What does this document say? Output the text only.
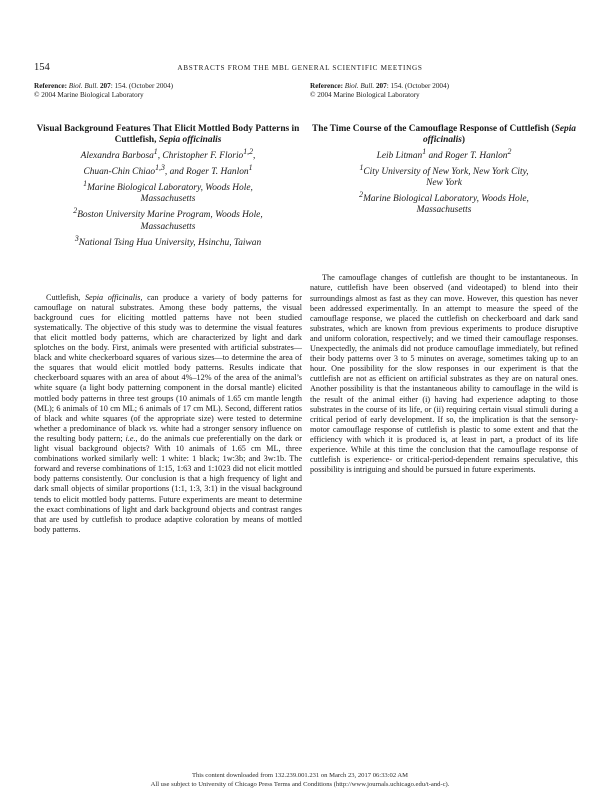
154	ABSTRACTS FROM THE MBL GENERAL SCIENTIFIC MEETINGS
Reference: Biol. Bull. 207: 154. (October 2004)
© 2004 Marine Biological Laboratory
Visual Background Features That Elicit Mottled Body Patterns in Cuttlefish, Sepia officinalis
Alexandra Barbosa$^1$, Christopher F. Florio$^{1,2}$,
Chuan-Chin Chiao$^{1,3}$, and Roger T. Hanlon$^1$
$^1$Marine Biological Laboratory, Woods Hole,
Massachusetts
$^2$Boston University Marine Program, Woods Hole,
Massachusetts
$^3$National Tsing Hua University, Hsinchu, Taiwan

Cuttlefish, Sepia officinalis, can produce a variety of body patterns for camouflage on natural substrates. Among these body patterns, the visual background cues for eliciting mottled patterns have not been studied systematically. The objective of this study was to determine the visual features that elicit mottled body patterns, which are characterized by light and dark splotches on the body. First, animals were presented with artificial substrates—black and white checkerboard squares of various sizes—to determine the area of the squares that would elicit mottled body patterns. Results indicate that checkerboard squares with an area of about 4%–12% of the area of the animal’s white square (a light body patterning component in the dorsal mantle) elicited mottled body patterns in three test groups (10 animals of 1.65 cm mantle length (ML); 6 animals of 10 cm ML; 6 animals of 17 cm ML). Second, different ratios of black and white squares (of the appropriate size) were tested to determine whether a predominance of black vs. white had a stronger sensory influence on the resulting body pattern; i.e., do the animals cue preferentially on the dark or light visual background objects? With 10 animals of 1.65 cm ML, three combinations worked similarly well: 1 white: 1 black; 1w:3b; and 3w:1b. The forward and reverse combinations of 1:15, 1:63 and 1:1023 did not elicit mottled body patterns consistently. Our conclusion is that a high frequency of light and dark small objects of similar proportions (1:1, 1:3, 3:1) in the visual background tends to elicit mottled body patterns. Future experiments are meant to determine the exact combinations of light and dark background objects and contrast ranges that are used by cuttlefish to produce adaptive coloration by means of mottled body patterns.

Reference: Biol. Bull. 207: 154. (October 2004)
© 2004 Marine Biological Laboratory
The Time Course of the Camouflage Response of Cuttlefish (Sepia officinalis)
Leib Litman$^1$ and Roger T. Hanlon$^2$
$^1$City University of New York, New York City,
New York
$^2$Marine Biological Laboratory, Woods Hole,
Massachusetts

The camouflage changes of cuttlefish are thought to be instantaneous. In nature, cuttlefish have been observed (and videotaped) to blend into their surroundings almost as fast as they can move. However, this question has never been addressed experimentally. In an attempt to measure the speed of the camouflage response, we placed the cuttlefish on checkerboard and dark sand substrates, which are known from previous experiments to produce disruptive and uniform coloration, respectively; and we timed their camouflage responses. Unexpectedly, the animals did not produce camouflage immediately, but refined their body patterns over 3 to 5 minutes on average, sometimes taking up to an hour. One possibility for the slow responses in our experiment is that the cuttlefish are not as efficient on artificial substrates as they are on natural ones. Another possibility is that the instantaneous ability to camouflage in the wild is the result of the animal either (i) having had experience adapting to those substrates in the course of its life, or (ii) requiring certain visual stimuli during a critical period of early development. If so, the implication is that the sensory-motor camouflage response of cuttlefish is plastic to some extent and that the efficiency with which it is produced is, at least in part, a product of its life experience. While at this time the conclusion that the camouflage response of cuttlefish is experience- or critical-period-dependent remains speculative, this possibility is intriguing and should be pursued in future experiments.

This content downloaded from 132.239.001.231 on March 23, 2017 06:33:02 AM
All use subject to University of Chicago Press Terms and Conditions (http://www.journals.uchicago.edu/t-and-c).
